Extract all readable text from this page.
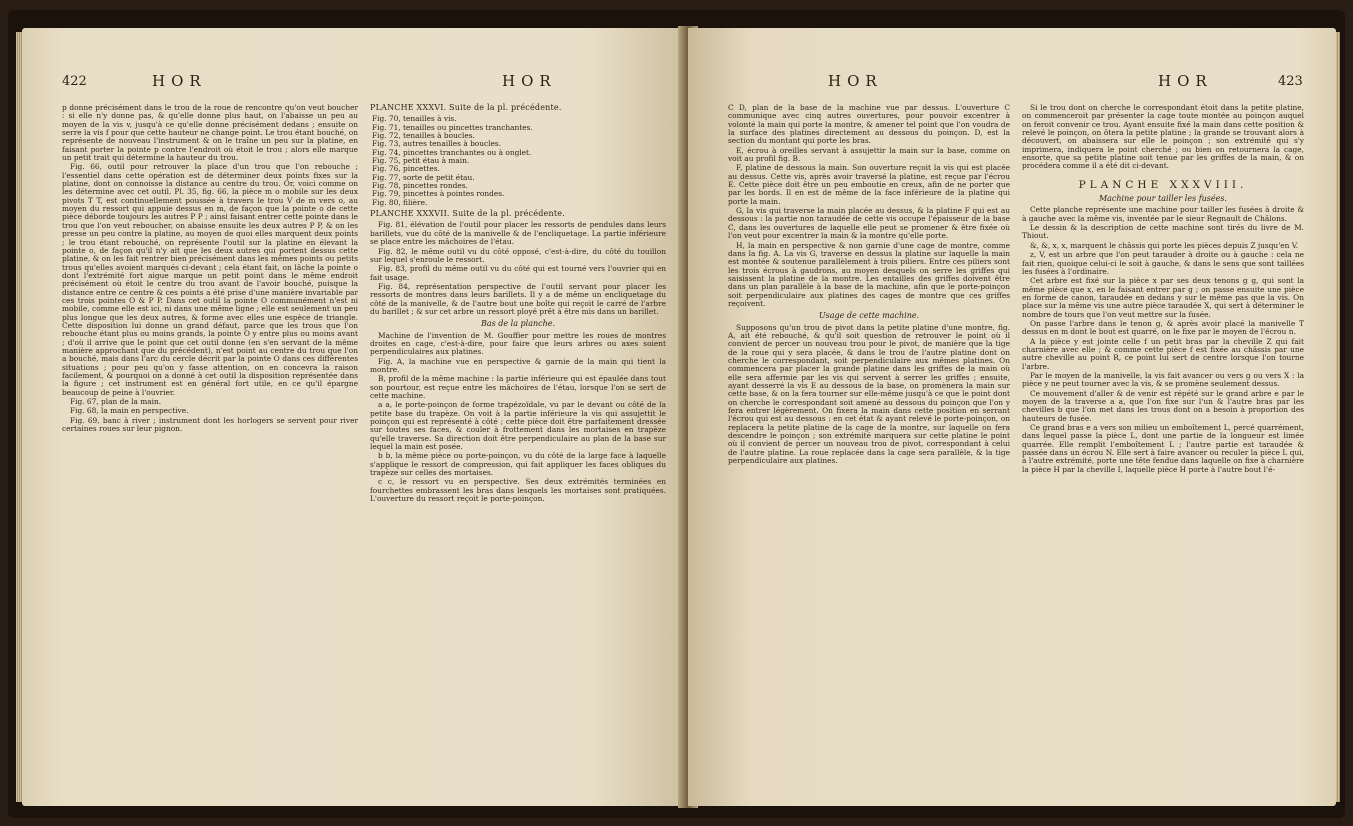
422	HOR	HOR

p donne précisément dans le trou de la roue de rencontre qu'on veut boucher : si elle n'y donne pas, & qu'elle donne plus haut, on l'abaisse un peu au moyen de la vis v, jusqu'à ce qu'elle donne précisément dedans ; ensuite on serre la vis f pour que cette hauteur ne change point. Le trou étant bouché, on représente de nouveau l'instrument & on le traîne un peu sur la platine, en faisant porter la pointe p contre l'endroit où étoit le trou ; alors elle marque un petit trait qui détermine la hauteur du trou.

Fig. 66, outil pour retrouver la place d'un trou que l'on rebouche ; l'essentiel dans cette opération est de déterminer deux points fixes sur la platine, dont on connoisse la distance au centre du trou. Or, voici comme on les détermine avec cet outil. Pl. 35, fig. 66, la pièce m o mobile sur les deux pivots T T, est continuellement poussée à travers le trou V de m vers o, au moyen du ressort qui appuie dessus en m, de façon que la pointe o de cette pièce déborde toujours les autres P P ; ainsi faisant entrer cette pointe dans le trou que l'on veut reboucher, on abaisse ensuite les deux autres P P, & on les presse un peu contre la platine, au moyen de quoi elles marquent deux points ; le trou étant rebouché, on représente l'outil sur la platine en élevant la pointe o, de façon qu'il n'y ait que les deux autres qui portent dessus cette platine, & on les fait rentrer bien précisément dans les mêmes points ou petits trous qu'elles avoient marqués ci-devant ; cela étant fait, on lâche la pointe o dont l'extrémité fort aigue marque un petit point dans le même endroit précisément où étoit le centre du trou avant de l'avoir bouché, puisque la distance entre ce centre & ces points a été prise d'une manière invariable par ces trois pointes O & P P. Dans cet outil la pointe O communément n'est ni mobile, comme elle est ici, ni dans une même ligne ; elle est seulement un peu plus longue que les deux autres, & forme avec elles une espèce de triangle. Cette disposition lui donne un grand défaut, parce que les trous que l'on rebouche étant plus ou moins grands, la pointe O y entre plus ou moins avant ; d'où il arrive que le point que cet outil donne (en s'en servant de la même manière approchant que du précédent), n'est point au centre du trou que l'on a bouché, mais dans l'arc du cercle décrit par la pointe O dans ces différentes situations ; pour peu qu'on y fasse attention, on en concevra la raison facilement, & pourquoi on a donné à cet outil la disposition représentée dans la figure ; cet instrument est en général fort utile, en ce qu'il épargne beaucoup de peine à l'ouvrier.

Fig. 67, plan de la main.

Fig. 68, la main en perspective.

Fig. 69, banc à river ; instrument dont les horlogers se servent pour river certaines roues sur leur pignon.

PLANCHE XXXVI. Suite de la pl. précédente.

Fig. 70, tenailles à vis.

Fig. 71, tenailles ou pincettes tranchantes.

Fig. 72, tenailles à boucles.

Fig. 73, autres tenailles à boucles.

Fig. 74, pincettes tranchantes ou à onglet.

Fig. 75, petit étau à main.

Fig. 76, pincettes.

Fig. 77, sorte de petit étau.

Fig. 78, pincettes rondes.

Fig. 79, pincettes à pointes rondes.

Fig. 80, filière.

PLANCHE XXXVII. Suite de la pl. précédente.

Fig. 81, élévation de l'outil pour placer les ressorts de pendules dans leurs barillets, vue du côté de la manivelle & de l'encliquetage. La partie inférieure se place entre les mâchoires de l'étau.

Fig. 82, le même outil vu du côté opposé, c'est-à-dire, du côté du touillon sur lequel s'enroule le ressort.

Fig. 83, profil du même outil vu du côté qui est tourné vers l'ouvrier qui en fait usage.

Fig. 84, représentation perspective de l'outil servant pour placer les ressorts de montres dans leurs barillets. Il y a de même un encliquetage du côté de la manivelle, & de l'autre bout une boîte qui reçoit le carré de l'arbre du barillet ; & sur cet arbre un ressort ployé prêt à être mis dans un barillet.

Bas de la planche.

Machine de l'invention de M. Gouffier pour mettre les roues de montres droites en cage, c'est-à-dire, pour faire que leurs arbres ou axes soient perpendiculaires aux platines.

Fig. A, la machine vue en perspective & garnie de la main qui tient la montre.

B, profil de la même machine : la partie inférieure qui est épaulée dans tout son pourtour, est reçue entre les mâchoires de l'étau, lorsque l'on se sert de cette machine.

a a, le porte-poinçon de forme trapézoïdale, vu par le devant ou côté de la petite base du trapèze. On voit à la partie inférieure la vis qui assujettit le poinçon qui est représenté à côté ; cette pièce doit être parfaitement dressée sur toutes ses faces, & couler à frottement dans les mortaises en trapèze qu'elle traverse. Sa direction doit être perpendiculaire au plan de la base sur lequel la main est posée.

b b, la même pièce ou porte-poinçon, vu du côté de la large face à laquelle s'applique le ressort de compression, qui fait appliquer les faces obliques du trapèze sur celles des mortaises.

c c, le ressort vu en perspective. Ses deux extrémités terminées en fourchettes embrassent les bras dans lesquels les mortaises sont pratiquées. L'ouverture du ressort reçoit le porte-poinçon.

HOR	HOR	423

C D, plan de la base de la machine vue par dessus. L'ouverture C communique avec cinq autres ouvertures, pour pouvoir excentrer à volonté la main qui porte la montre, & amener tel point que l'on voudra de la surface des platines directement au dessous du poinçon. D, est la section du montant qui porte les bras.

E, écrou à oreilles servant à assujettir la main sur la base, comme on voit au profil fig. B.

F, platine de dessous la main. Son ouverture reçoit la vis qui est placée au dessus. Cette vis, après avoir traversé la platine, est reçue par l'écrou E. Cette pièce doit être un peu emboutie en creux, afin de ne porter que par les bords. Il en est de même de la face inférieure de la platine qui porte la main.

G, la vis qui traverse la main placée au dessus, & la platine F qui est au dessous : la partie non taraudée de cette vis occupe l'épaisseur de la base C, dans les ouvertures de laquelle elle peut se promener & être fixée où l'on veut pour excentrer la main & la montre qu'elle porte.

H, la main en perspective & non garnie d'une cage de montre, comme dans la fig. A. La vis G, traverse en dessus la platine sur laquelle la main est montée & soutenue parallèlement à trois piliers. Entre ces piliers sont les trois écrous à gaudrons, au moyen desquels on serre les griffes qui saisissent la platine de la montre. Les entailles des griffes doivent être dans un plan parallèle à la base de la machine, afin que le porte-poinçon soit perpendiculaire aux platines des cages de montre que ces griffes reçoivent.

Usage de cette machine.

Supposons qu'un trou de pivot dans la petite platine d'une montre, fig. A, ait été rebouché, & qu'il soit question de retrouver le point où il convient de percer un nouveau trou pour le pivot, de manière que la tige de la roue qui y sera placée, & dans le trou de l'autre platine dont on cherche le correspondant, soit perpendiculaire aux mêmes platines. On commencera par placer la grande platine dans les griffes de la main où elle sera affermie par les vis qui servent à serrer les griffes ; ensuite, ayant desserré la vis E au dessous de la base, on promènera la main sur cette base, & on la fera tourner sur elle-même jusqu'à ce que le point dont on cherche le correspondant soit amené au dessous du poinçon que l'on y fera entrer légèrement. On fixera la main dans cette position en serrant l'écrou qui est au dessous : en cet état & ayant relevé le porte-poinçon, on replacera la petite platine de la cage de la montre, sur laquelle on fera descendre le poinçon ; son extrémité marquera sur cette platine le point où il convient de percer un nouveau trou de pivot, correspondant à celui de l'autre platine. La roue replacée dans la cage sera parallèle, & la tige perpendiculaire aux platines.

Si le trou dont on cherche le correspondant étoit dans la petite platine, on commenceroit par présenter la cage toute montée au poinçon auquel on feroit convenir ce trou. Ayant ensuite fixé la main dans cette position & relevé le poinçon, on ôtera la petite platine ; la grande se trouvant alors à découvert, on abaissera sur elle le poinçon ; son extrémité qui s'y imprimera, indiquera le point cherché ; ou bien on retournera la cage, ensorte, que sa petite platine soit tenue par les griffes de la main, & on procédera comme il a été dit ci-devant.

PLANCHE XXXVIII.

Machine pour tailler les fusées.

Cette planche représente une machine pour tailler les fusées à droite & à gauche avec la même vis, inventée par le sieur Regnault de Châlons.

Le dessin & la description de cette machine sont tirés du livre de M. Thiout.

&, &, x, x, marquent le châssis qui porte les pièces depuis Z jusqu'en V.

z, V, est un arbre que l'on peut tarauder à droite ou à gauche : cela ne fait rien, quoique celui-ci le soit à gauche, & dans le sens que sont taillées les fusées à l'ordinaire.

Cet arbre est fixé sur la pièce x par ses deux tenons g g, qui sont la même pièce que x, en le faisant entrer par g ; on passe ensuite une pièce en forme de canon, taraudée en dedans y sur le même pas que la vis. On place sur la même vis une autre pièce taraudée X, qui sert à déterminer le nombre de tours que l'on veut mettre sur la fusée.

On passe l'arbre dans le tenon g, & après avoir placé la manivelle T dessus en m dont le bout est quarré, on le fixe par le moyen de l'écrou n.

A la pièce y est jointe celle f un petit bras par la cheville Z qui fait charnière avec elle ; & comme cette pièce f est fixée au châssis par une autre cheville au point R, ce point lui sert de centre lorsque l'on tourne l'arbre.

Par le moyen de la manivelle, la vis fait avancer ou vers g ou vers X : la pièce y ne peut tourner avec la vis, & se promène seulement dessus.

Ce mouvement d'aller & de venir est répété sur le grand arbre e par le moyen de la traverse a a, que l'on fixe sur l'un & l'autre bras par les chevilles b que l'on met dans les trous dont on a besoin à proportion des hauteurs de fusée.

Ce grand bras e a vers son milieu un emboîtement L, percé quarrément, dans lequel passe la pièce L, dont une partie de la longueur est limée quarrée. Elle remplit l'emboîtement L ; l'autre partie est taraudée & passée dans un écrou N. Elle sert à faire avancer ou reculer la pièce L qui, à l'autre extrémité, porte une tête fendue dans laquelle on fixe à charnière la pièce H par la cheville I, laquelle pièce H porte à l'autre bout l'é-
